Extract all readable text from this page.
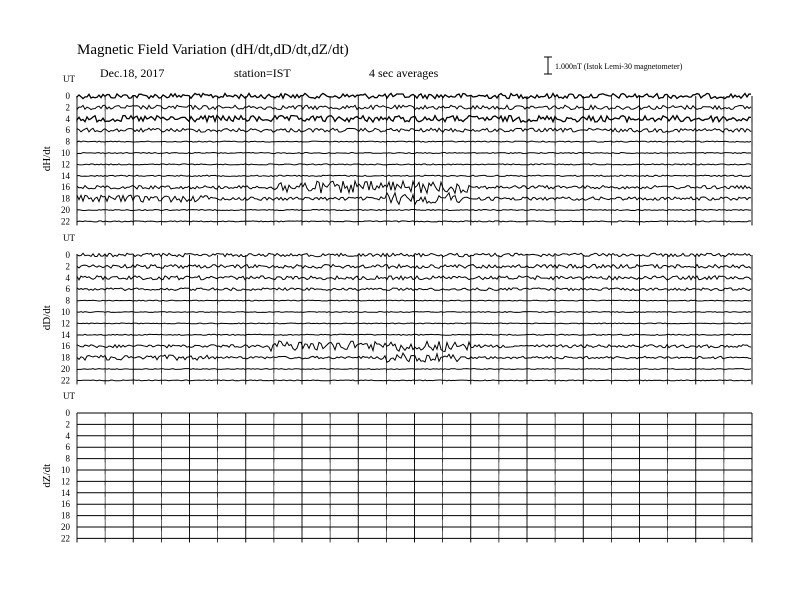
Magnetic Field Variation (dH/dt,dD/dt,dZ/dt)
Dec.18, 2017	station=IST	4 sec averages	1.000nT (Istok Lemi-30 magnetometer)
UT
dH/dt
0
2
4
6
8
10
12
14
16
18
20
22
UT
dD/dt
0
2
4
6
8
10
12
14
16
18
20
22
UT
dZ/dt
0
2
4
6
8
10
12
14
16
18
20
22
